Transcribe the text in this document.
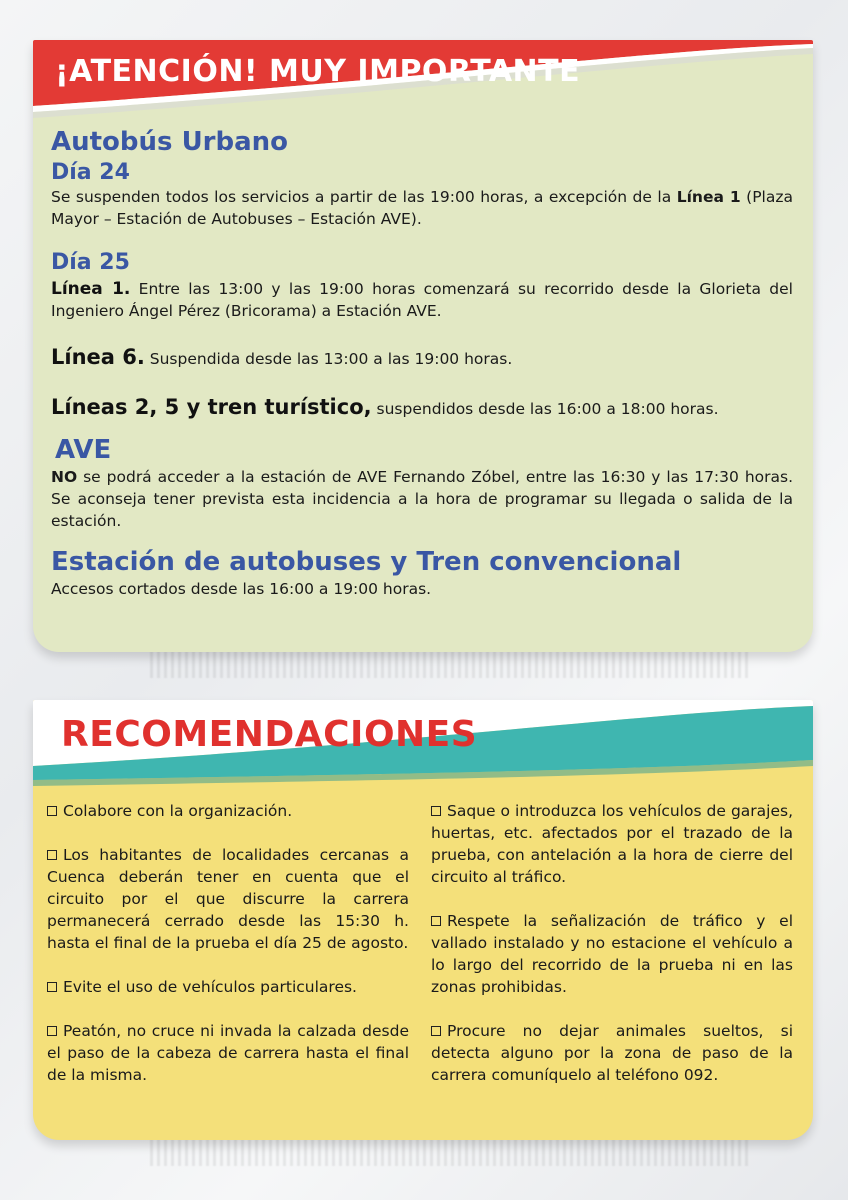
¡ATENCIÓN! MUY IMPORTANTE
Autobús Urbano
Día 24

Se suspenden todos los servicios a partir de las 19:00 horas, a excepción de la Línea 1 (Plaza Mayor – Estación de Autobuses – Estación AVE).

Día 25

Línea 1. Entre las 13:00 y las 19:00 horas comenzará su recorrido desde la Glorieta del Ingeniero Ángel Pérez (Bricorama) a Estación AVE.

Línea 6. Suspendida desde las 13:00 a las 19:00 horas.

Líneas 2, 5 y tren turístico, suspendidos desde las 16:00 a 18:00 horas.

AVE

NO se podrá acceder a la estación de AVE Fernando Zóbel, entre las 16:30 y las 17:30 horas. Se aconseja tener prevista esta incidencia a la hora de programar su llegada o salida de la estación.

Estación de autobuses y Tren convencional

Accesos cortados desde las 16:00 a 19:00 horas.

RECOMENDACIONES

Colabore con la organización.

Los habitantes de localidades cercanas a Cuenca deberán tener en cuenta que el circuito por el que discurre la carrera permanecerá cerrado desde las 15:30 h. hasta el final de la prueba el día 25 de agosto.

Evite el uso de vehículos particulares.

Peatón, no cruce ni invada la calzada desde el paso de la cabeza de carrera hasta el final de la misma.

Saque o introduzca los vehículos de garajes, huertas, etc. afectados por el trazado de la prueba, con antelación a la hora de cierre del circuito al tráfico.

Respete la señalización de tráfico y el vallado instalado y no estacione el vehículo a lo largo del recorrido de la prueba ni en las zonas prohibidas.

Procure no dejar animales sueltos, si detecta alguno por la zona de paso de la carrera comuníquelo al teléfono 092.
